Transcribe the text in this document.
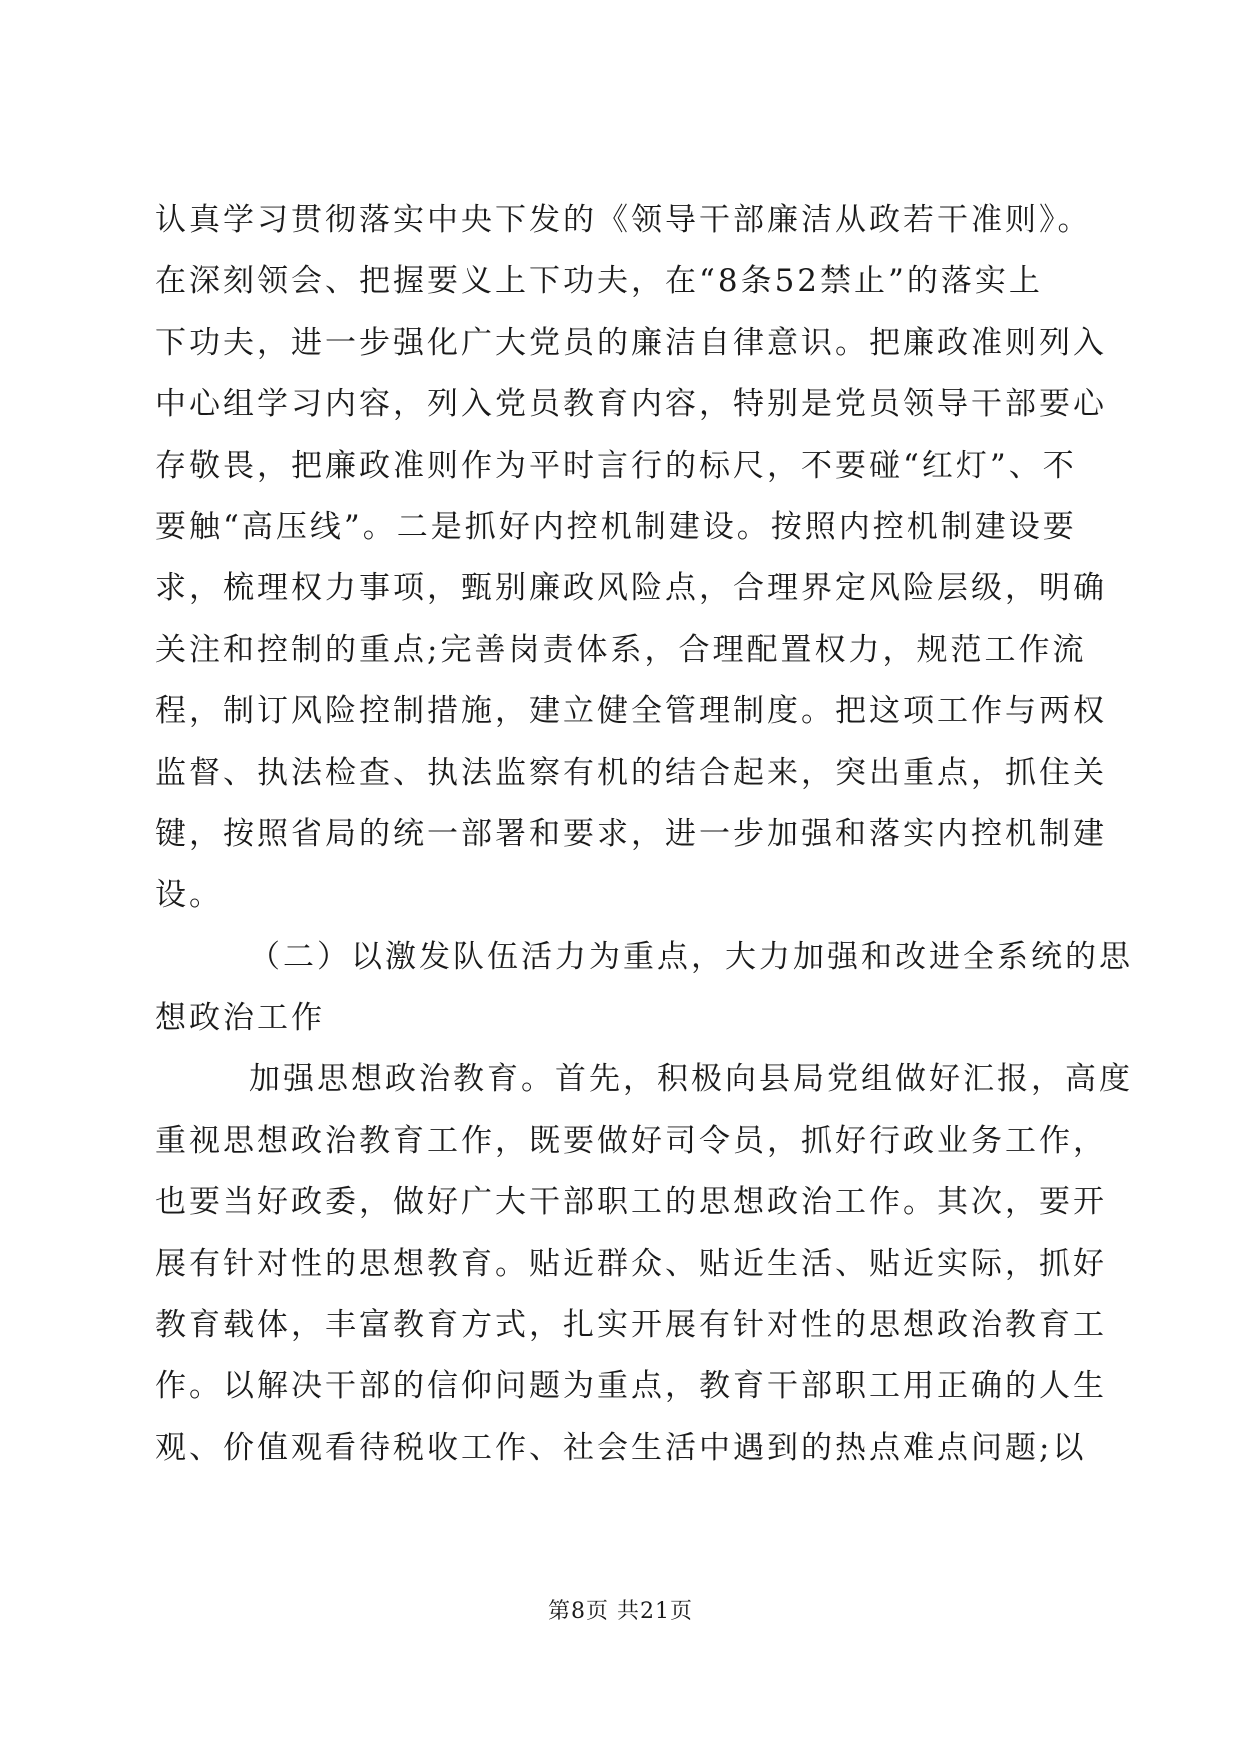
认真学习贯彻落实中央下发的《领导干部廉洁从政若干准则》。
在深刻领会、把握要义上下功夫，在“8条52禁止”的落实上
下功夫，进一步强化广大党员的廉洁自律意识。把廉政准则列入
中心组学习内容，列入党员教育内容，特别是党员领导干部要心
存敬畏，把廉政准则作为平时言行的标尺，不要碰“红灯”、不
要触“高压线”。二是抓好内控机制建设。按照内控机制建设要
求，梳理权力事项，甄别廉政风险点，合理界定风险层级，明确
关注和控制的重点;完善岗责体系，合理配置权力，规范工作流
程，制订风险控制措施，建立健全管理制度。把这项工作与两权
监督、执法检查、执法监察有机的结合起来，突出重点，抓住关
键，按照省局的统一部署和要求，进一步加强和落实内控机制建
设。
（二）以激发队伍活力为重点，大力加强和改进全系统的思
想政治工作
加强思想政治教育。首先，积极向县局党组做好汇报，高度
重视思想政治教育工作，既要做好司令员，抓好行政业务工作，
也要当好政委，做好广大干部职工的思想政治工作。其次，要开
展有针对性的思想教育。贴近群众、贴近生活、贴近实际，抓好
教育载体，丰富教育方式，扎实开展有针对性的思想政治教育工
作。以解决干部的信仰问题为重点，教育干部职工用正确的人生
观、价值观看待税收工作、社会生活中遇到的热点难点问题;以
第8页 共21页
